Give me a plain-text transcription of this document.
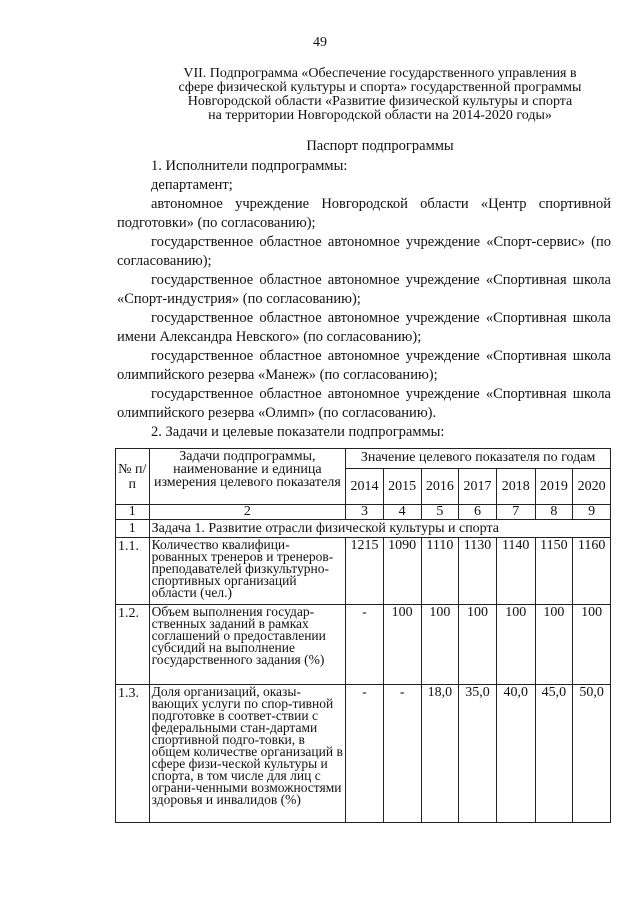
49
VII. Подпрограмма «Обеспечение государственного управления в
сфере физической культуры и спорта» государственной программы
Новгородской области «Развитие физической культуры и спорта
на территории Новгородской области на 2014-2020 годы»
Паспорт подпрограммы

1. Исполнители подпрограммы:

департамент;

автономное учреждение Новгородской области «Центр спортивной подготовки» (по согласованию);

государственное областное автономное учреждение «Спорт-сервис» (по согласованию);

государственное областное автономное учреждение «Спортивная школа «Спорт-индустрия» (по согласованию);

государственное областное автономное учреждение «Спортивная школа имени Александра Невского» (по согласованию);

государственное областное автономное учреждение «Спортивная школа олимпийского резерва «Манеж» (по согласованию);

государственное областное автономное учреждение «Спортивная школа олимпийского резерва «Олимп» (по согласованию).

2. Задачи и целевые показатели подпрограммы:

№ п/п	Задачи подпрограммы, наименование и единица измерения целевого показателя	Значение целевого показателя по годам						
		2014	2015	2016	2017	2018	2019	2020
1	2	3	4	5	6	7	8	9
1	Задача 1. Развитие отрасли физической культуры и спорта							
1.1.	Количество квалифици-рованных тренеров и тренеров-преподавателей физкультурно-спортивных организаций области (чел.)	1215	1090	1110	1130	1140	1150	1160
1.2.	Объем выполнения государ-ственных заданий в рамках соглашений о предоставлении субсидий на выполнение государственного задания (%)	-	100	100	100	100	100	100
1.3.	Доля организаций, оказы-вающих услуги по спор-тивной подготовке в соответ-ствии с федеральными стан-дартами спортивной подго-товки, в общем количестве организаций в сфере физи-ческой культуры и спорта, в том числе для лиц с ограни-ченными возможностями здоровья и инвалидов (%)	-	-	18,0	35,0	40,0	45,0	50,0
